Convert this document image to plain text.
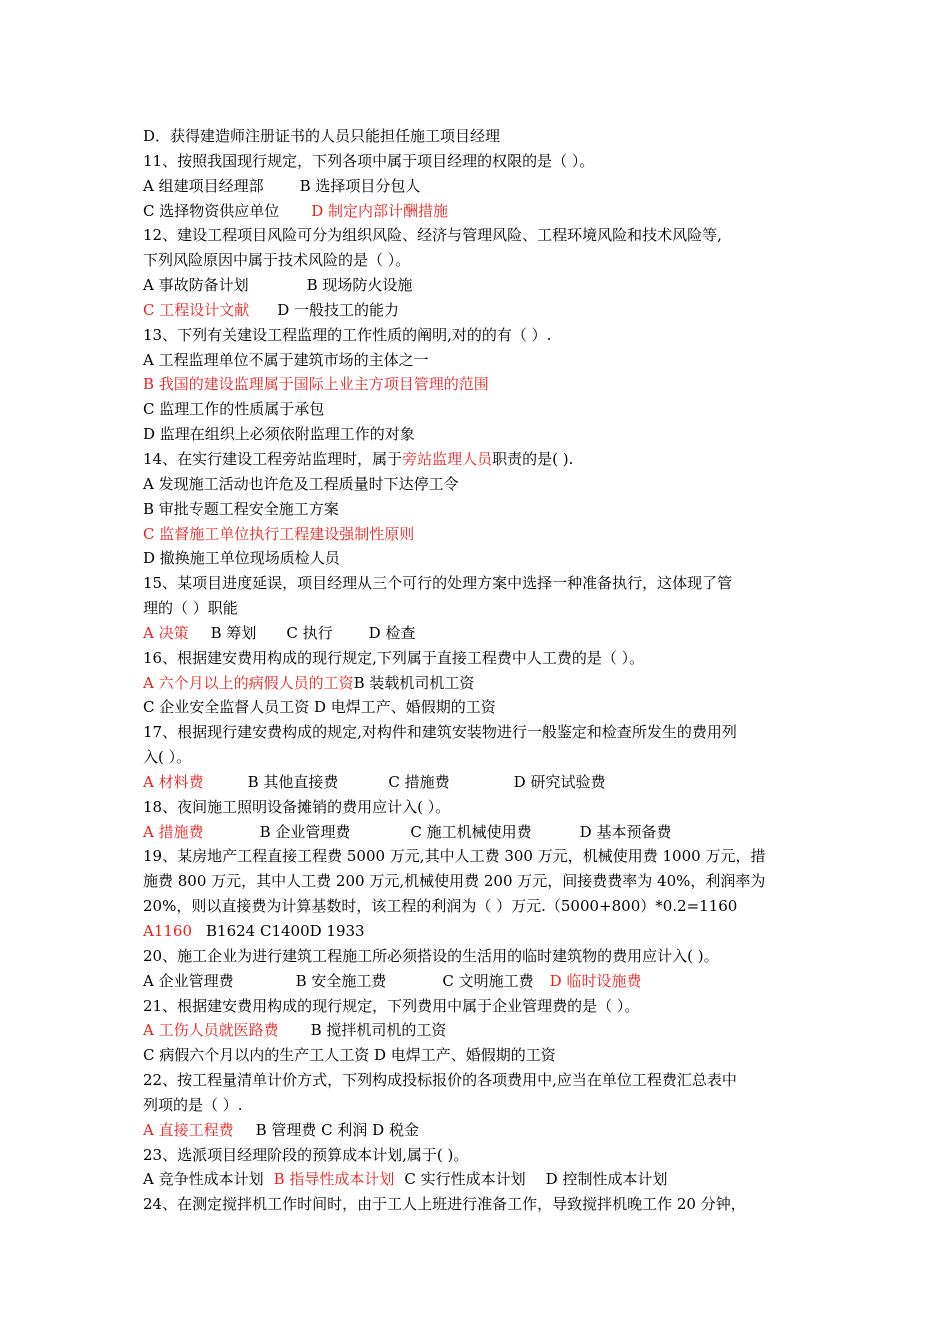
D．获得建造师注册证书的人员只能担任施工项目经理
11、按照我国现行规定，下列各项中属于项目经理的权限的是（ ）。
A 组建项目经理部 B 选择项目分包人
C 选择物资供应单位 D 制定内部计酬措施
12、建设工程项目风险可分为组织风险、经济与管理风险、工程环境风险和技术风险等,
下列风险原因中属于技术风险的是（ ）。
A 事故防备计划	B 现场防火设施
C 工程设计文献 D 一般技工的能力
13、下列有关建设工程监理的工作性质的阐明,对的的有（ ）.
A 工程监理单位不属于建筑市场的主体之一
B 我国的建设监理属于国际上业主方项目管理的范围
C 监理工作的性质属于承包
D 监理在组织上必须依附监理工作的对象
14、在实行建设工程旁站监理时，属于旁站监理人员职责的是( ).
A 发现施工活动也许危及工程质量时下达停工令
B 审批专题工程安全施工方案
C 监督施工单位执行工程建设强制性原则
D 撤换施工单位现场质检人员
15、某项目进度延误，项目经理从三个可行的处理方案中选择一种准备执行，这体现了管
理的（ ）职能
A 决策 B 筹划 C 执行 D 检查
16、根据建安费用构成的现行规定,下列属于直接工程费中人工费的是（ ）。
A 六个月以上的病假人员的工资B 装载机司机工资
C 企业安全监督人员工资 D 电焊工产、婚假期的工资
17、根据现行建安费构成的规定,对构件和建筑安装物进行一般鉴定和检查所发生的费用列
入( ）。
A 材料费	B 其他直接费	C 措施费	D 研究试验费
18、夜间施工照明设备摊销的费用应计入( ）。
A 措施费	B 企业管理费	C 施工机械使用费	D 基本预备费
19、某房地产工程直接工程费 5000 万元,其中人工费 300 万元，机械使用费 1000 万元，措
施费 800 万元，其中人工费 200 万元,机械使用费 200 万元，间接费费率为 40%，利润率为
20%，则以直接费为计算基数时，该工程的利润为（ ）万元.（5000+800）*0.2=1160
A1160 B1624 C1400D 1933
20、施工企业为进行建筑工程施工所必须搭设的生活用的临时建筑物的费用应计入( )。
A 企业管理费	B 安全施工费	C 文明施工费 D 临时设施费
21、根据建安费用构成的现行规定，下列费用中属于企业管理费的是（ ）。
A 工伤人员就医路费 B 搅拌机司机的工资
C 病假六个月以内的生产工人工资 D 电焊工产、婚假期的工资
22、按工程量清单计价方式，下列构成投标报价的各项费用中,应当在单位工程费汇总表中
列项的是（ ）.
A 直接工程费 B 管理费 C 利润 D 税金
23、选派项目经理阶段的预算成本计划,属于( )。
A 竞争性成本计划 B 指导性成本计划 C 实行性成本计划 D 控制性成本计划
24、在测定搅拌机工作时间时，由于工人上班进行准备工作，导致搅拌机晚工作 20 分钟，
